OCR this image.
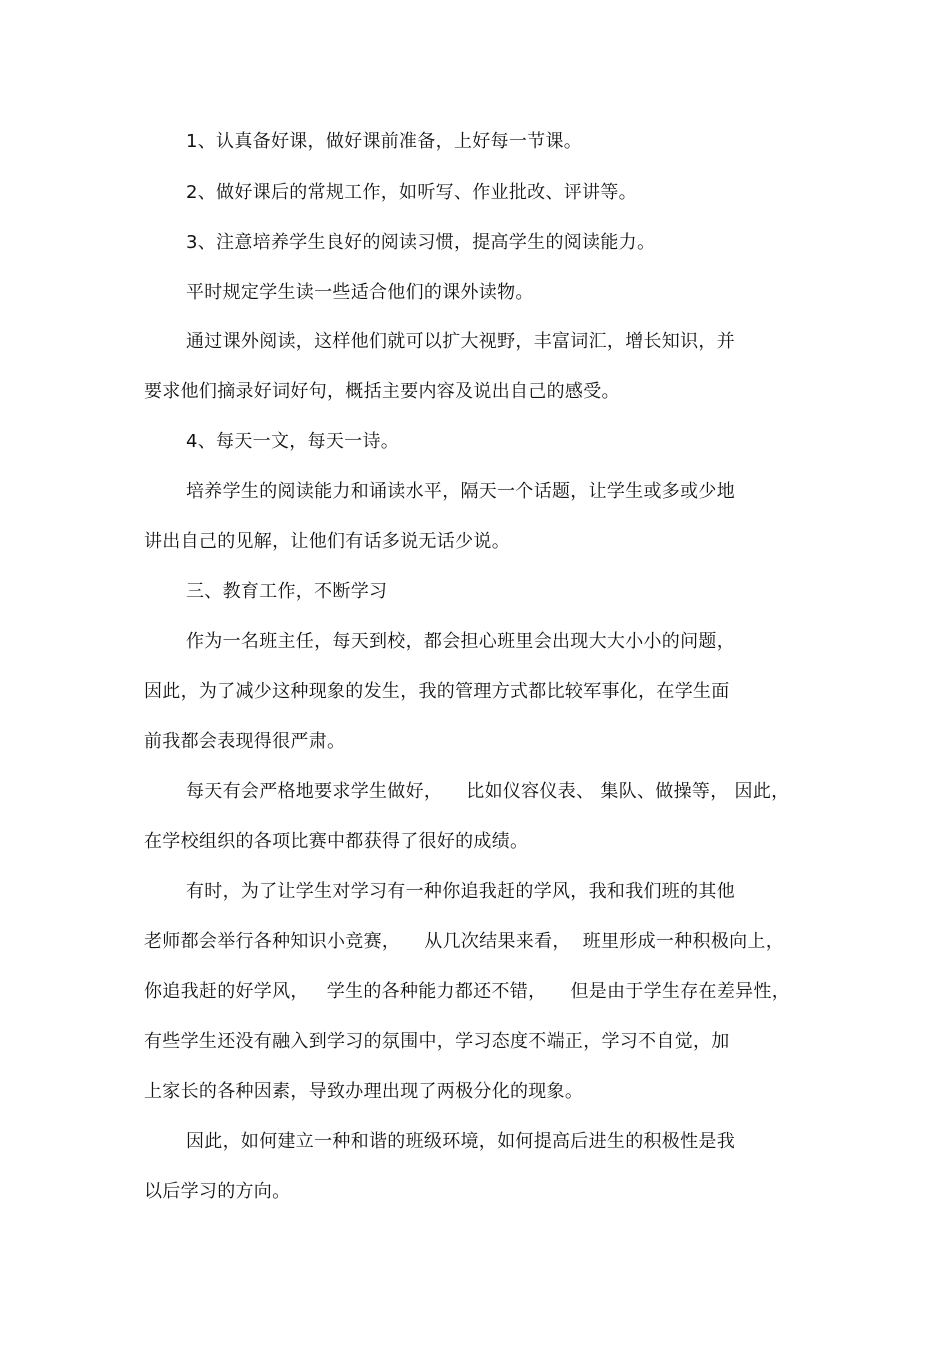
1、认真备好课，做好课前准备，上好每一节课。
2、做好课后的常规工作，如听写、作业批改、评讲等。
3、注意培养学生良好的阅读习惯，提高学生的阅读能力。
平时规定学生读一些适合他们的课外读物。
通过课外阅读，这样他们就可以扩大视野，丰富词汇，增长知识，并
要求他们摘录好词好句，概括主要内容及说出自己的感受。
4、每天一文，每天一诗。
培养学生的阅读能力和诵读水平，隔天一个话题，让学生或多或少地
讲出自己的见解，让他们有话多说无话少说。
三、教育工作，不断学习
作为一名班主任，每天到校，都会担心班里会出现大大小小的问题，
因此，为了减少这种现象的发生，我的管理方式都比较军事化，在学生面
前我都会表现得很严肃。
每天有会严格地要求学生做好，    比如仪容仪表、 集队、做操等， 因此，
在学校组织的各项比赛中都获得了很好的成绩。
有时，为了让学生对学习有一种你追我赶的学风，我和我们班的其他
老师都会举行各种知识小竞赛，    从几次结果来看，  班里形成一种积极向上，
你追我赶的好学风，   学生的各种能力都还不错，    但是由于学生存在差异性，
有些学生还没有融入到学习的氛围中，学习态度不端正，学习不自觉，加
上家长的各种因素，导致办理出现了两极分化的现象。
因此，如何建立一种和谐的班级环境，如何提高后进生的积极性是我
以后学习的方向。
